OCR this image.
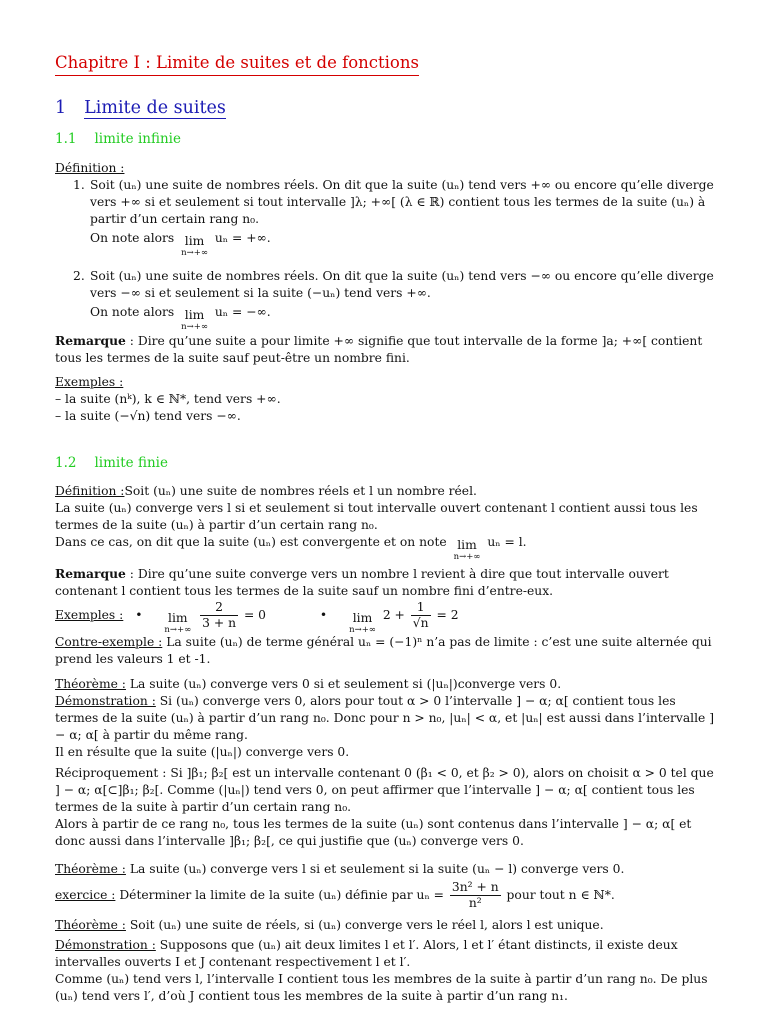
Chapitre I : Limite de suites et de fonctions
1 Limite de suites
1.1 limite infinie

Définition :

1. Soit (uₙ) une suite de nombres réels. On dit que la suite (uₙ) tend vers +∞ ou encore qu’elle diverge vers +∞ si et seulement si tout intervalle ]λ; +∞[ (λ ∈ ℝ) contient tous les termes de la suite (uₙ) à partir d’un certain rang n₀.

On note alors lim
n→+∞
uₙ = +∞.

2. Soit (uₙ) une suite de nombres réels. On dit que la suite (uₙ) tend vers −∞ ou encore qu’elle diverge vers −∞ si et seulement si la suite (−uₙ) tend vers +∞.

On note alors lim
n→+∞
uₙ = −∞.

Remarque : Dire qu’une suite a pour limite +∞ signifie que tout intervalle de la forme ]a; +∞[ contient tous les termes de la suite sauf peut-être un nombre fini.

Exemples :

– la suite (nᵏ), k ∈ ℕ*, tend vers +∞.

– la suite (−√n) tend vers −∞.

1.2 limite finie

Définition :Soit (uₙ) une suite de nombres réels et l un nombre réel.

La suite (uₙ) converge vers l si et seulement si tout intervalle ouvert contenant l contient aussi tous les termes de la suite (uₙ) à partir d’un certain rang n₀.

Dans ce cas, on dit que la suite (uₙ) est convergente et on note lim
n→+∞
uₙ = l.

Remarque : Dire qu’une suite converge vers un nombre l revient à dire que tout intervalle ouvert contenant l contient tous les termes de la suite sauf un nombre fini d’entre-eux.

Exemples : • lim
n→+∞
$\frac{2}{3 + n} = 0$	• lim
n→+∞
$2 + \frac{1}{√n} = 2$

Contre-exemple : La suite (uₙ) de terme général uₙ = (−1)ⁿ n’a pas de limite : c’est une suite alternée qui prend les valeurs 1 et -1.

Théorème : La suite (uₙ) converge vers 0 si et seulement si (|uₙ|)converge vers 0.

Démonstration : Si (uₙ) converge vers 0, alors pour tout α > 0 l’intervalle ] − α; α[ contient tous les termes de la suite (uₙ) à partir d’un rang n₀. Donc pour n > n₀, |uₙ| < α, et |uₙ| est aussi dans l’intervalle ] − α; α[ à partir du même rang.

Il en résulte que la suite (|uₙ|) converge vers 0.

Réciproquement : Si ]β₁; β₂[ est un intervalle contenant 0 (β₁ < 0, et β₂ > 0), alors on choisit α > 0 tel que ] − α; α[⊂]β₁; β₂[. Comme (|uₙ|) tend vers 0, on peut affirmer que l’intervalle ] − α; α[ contient tous les termes de la suite à partir d’un certain rang n₀.

Alors à partir de ce rang n₀, tous les termes de la suite (uₙ) sont contenus dans l’intervalle ] − α; α[ et donc aussi dans l’intervalle ]β₁; β₂[, ce qui justifie que (uₙ) converge vers 0.

Théorème : La suite (uₙ) converge vers l si et seulement si la suite (uₙ − l) converge vers 0.

exercice : Déterminer la limite de la suite (uₙ) définie par $u_n = \frac{\text{3n² + n}}{\text{n²}}$ pour tout n ∈ ℕ*.

Théorème : Soit (uₙ) une suite de réels, si (uₙ) converge vers le réel l, alors l est unique.

Démonstration : Supposons que (uₙ) ait deux limites l et l′. Alors, l et l′ étant distincts, il existe deux intervalles ouverts I et J contenant respectivement l et l′.

Comme (uₙ) tend vers l, l’intervalle I contient tous les membres de la suite à partir d’un rang n₀. De plus (uₙ) tend vers l′, d’où J contient tous les membres de la suite à partir d’un rang n₁.
